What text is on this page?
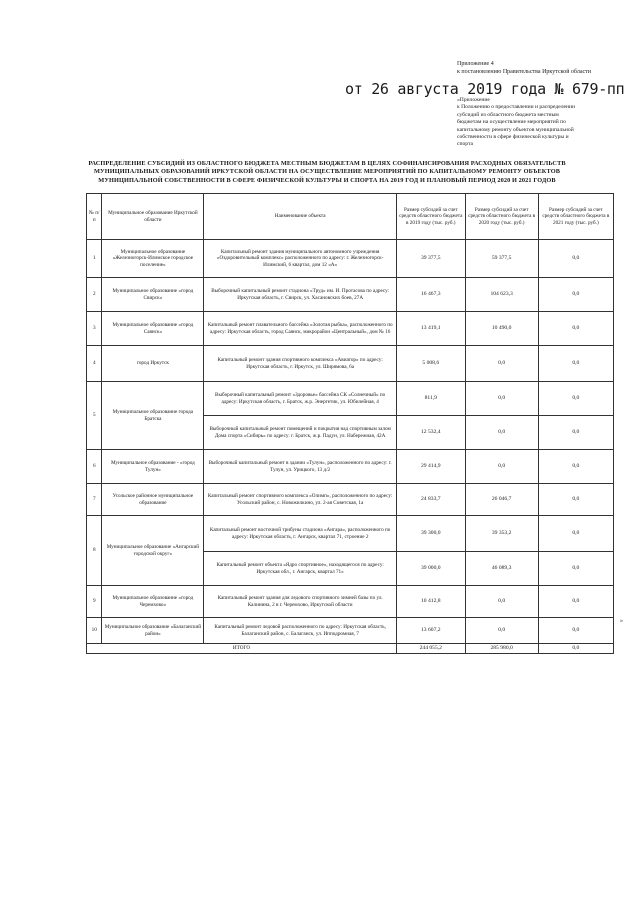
Приложение 4
к постановлению Правительства Иркутской области
от 26 августа 2019 года № 679-пп
«Приложение
к Положению о предоставлении и распределении
субсидий из областного бюджета местным
бюджетам на осуществление мероприятий по
капитальному ремонту объектов муниципальной
собственности в сфере физической культуры и
спорта
РАСПРЕДЕЛЕНИЕ СУБСИДИЙ ИЗ ОБЛАСТНОГО БЮДЖЕТА МЕСТНЫМ БЮДЖЕТАМ В ЦЕЛЯХ СОФИНАНСИРОВАНИЯ РАСХОДНЫХ ОБЯЗАТЕЛЬСТВ
МУНИЦИПАЛЬНЫХ ОБРАЗОВАНИЙ ИРКУТСКОЙ ОБЛАСТИ НА ОСУЩЕСТВЛЕНИЕ МЕРОПРИЯТИЙ ПО КАПИТАЛЬНОМУ РЕМОНТУ ОБЪЕКТОВ
МУНИЦИПАЛЬНОЙ СОБСТВЕННОСТИ В СФЕРЕ ФИЗИЧЕСКОЙ КУЛЬТУРЫ И СПОРТА НА 2019 ГОД И ПЛАНОВЫЙ ПЕРИОД 2020 И 2021 ГОДОВ
№ п/п	Муниципальное образование Иркутской области	Наименование объекта	Размер субсидий за счет средств областного бюджета в 2019 году (тыс. руб.)	Размер субсидий за счет средств областного бюджета в 2020 году (тыс. руб.)	Размер субсидий за счет средств областного бюджета в 2021 году (тыс. руб.)
1	Муниципальное образование «Железногорск-Илимское городское поселение»	Капитальный ремонт здания муниципального автономного учреждения «Оздоровительный комплекс» расположенного по адресу: г. Железногорск-Илимский, 6 квартал, дом 12 «А»	39 377,5	59 377,5	0,0
2	Муниципальное образование «город Свирск»	Выборочный капитальный ремонт стадиона «Труд» им. И. Протасова по адресу: Иркутская область, г. Свирск, ул. Хасановских боев, 27А	16 467,3	104 623,3	0,0
3	Муниципальное образование «город Саянск»	Капитальный ремонт плавательного бассейна «Золотая рыбка», расположенного по адресу: Иркутская область, город Саянск, микрорайон «Центральный», дом № 16	13 419,1	10 490,0	0,0
4	город Иркутск	Капитальный ремонт здания спортивного комплекса «Авиатор» по адресу: Иркутская область, г. Иркутск, ул. Ширямова, 6а	5 008,6	0,0	0,0
5	Муниципальное образование города Братска	Выборочный капитальный ремонт «Здоровье» бассейна СК «Солнечный» по адресу: Иркутская область, г. Братск, ж.р. Энергетик, ул. Юбилейная, 4	811,9	0,0	0,0
		Выборочный капитальный ремонт помещений и покрытия над спортивным залом Дома спорта «Сибирь» по адресу: г. Братск, ж.р. Падун, ул. Набережная, 42А	12 532,4	0,0	0,0
6	Муниципальное образование - «город Тулун»	Выборочный капитальный ремонт в здании «Тулун», расположенного по адресу: г. Тулун, ул. Урицкого, 13 д/2	29 414,9	0,0	0,0
7	Усольское районное муниципальное образование	Капитальный ремонт спортивного комплекса «Олимп», расположенного по адресу: Усольский район, с. Новожилкино, ул. 2-ая Советская, 1а	24 833,7	26 046,7	0,0
8	Муниципальное образование «Ангарский городской округ»	Капитальный ремонт восточной трибуны стадиона «Ангара», расположенного по адресу: Иркутская область, г. Ангарск, квартал 71, строение 2	39 300,0	39 353,2	0,0
		Капитальный ремонт объекта «Ядро спортивное», находящегося по адресу: Иркутская обл., г. Ангарск, квартал 71»	39 000,0	46 089,3	0,0
9	Муниципальное образование «город Черемхово»	Капитальный ремонт здания для ледового спортивного зимней базы по ул. Калинина, 2 в г. Черемхово, Иркутской области	10 412,8	0,0	0,0
10	Муниципальное образование «Балаганский район»	Капитальный ремонт ледовой расположенного по адресу: Иркутская область, Балаганский район, с. Балаганск, ул. Ипподромная, 7	13 607,2	0,0	0,0
ИТОГО			244 055,2	285 980,0	0,0
»
